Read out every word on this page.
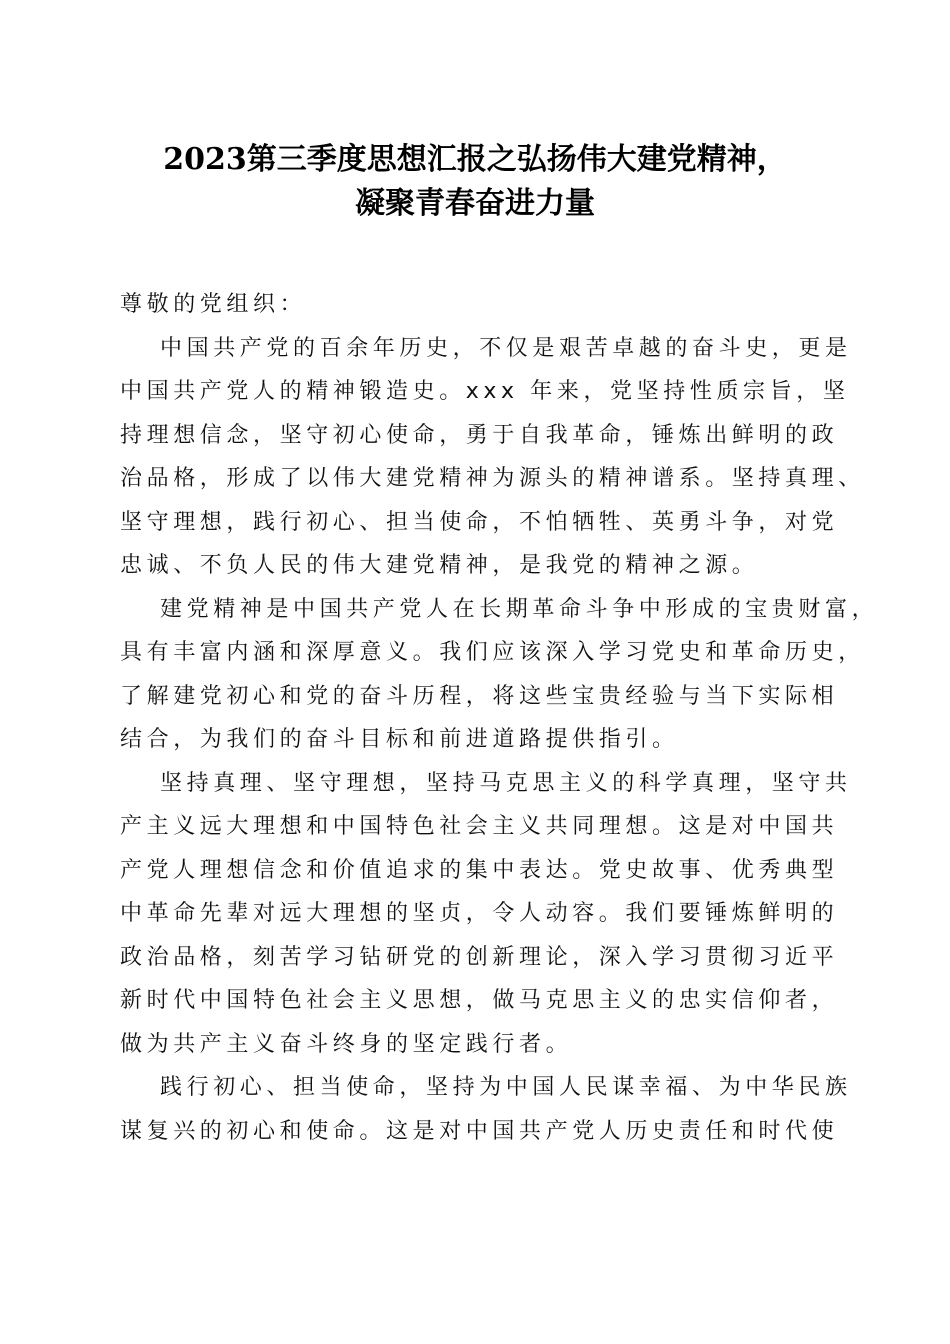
2023第三季度思想汇报之弘扬伟大建党精神，
凝聚青春奋进力量
尊敬的党组织：
中国共产党的百余年历史，不仅是艰苦卓越的奋斗史，更是
中国共产党人的精神锻造史。xxx 年来，党坚持性质宗旨，坚
持理想信念，坚守初心使命，勇于自我革命，锤炼出鲜明的政
治品格，形成了以伟大建党精神为源头的精神谱系。坚持真理、
坚守理想，践行初心、担当使命，不怕牺牲、英勇斗争，对党
忠诚、不负人民的伟大建党精神，是我党的精神之源。
建党精神是中国共产党人在长期革命斗争中形成的宝贵财富，
具有丰富内涵和深厚意义。我们应该深入学习党史和革命历史，
了解建党初心和党的奋斗历程，将这些宝贵经验与当下实际相
结合，为我们的奋斗目标和前进道路提供指引。
坚持真理、坚守理想，坚持马克思主义的科学真理，坚守共
产主义远大理想和中国特色社会主义共同理想。这是对中国共
产党人理想信念和价值追求的集中表达。党史故事、优秀典型
中革命先辈对远大理想的坚贞，令人动容。我们要锤炼鲜明的
政治品格，刻苦学习钻研党的创新理论，深入学习贯彻习近平
新时代中国特色社会主义思想，做马克思主义的忠实信仰者，
做为共产主义奋斗终身的坚定践行者。
践行初心、担当使命，坚持为中国人民谋幸福、为中华民族
谋复兴的初心和使命。这是对中国共产党人历史责任和时代使
